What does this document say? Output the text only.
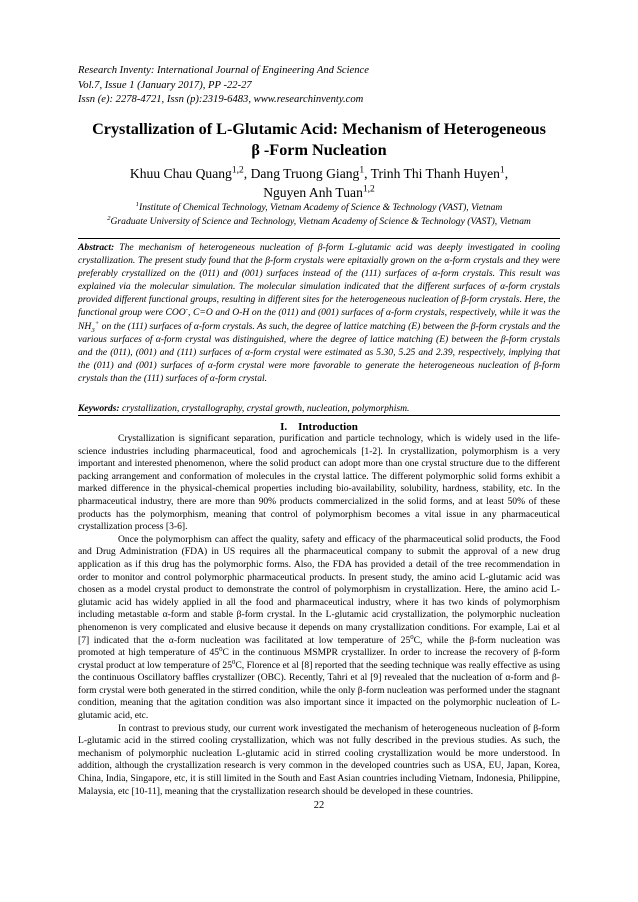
Research Inventy: International Journal of Engineering And Science
Vol.7, Issue 1 (January 2017), PP -22-27
Issn (e): 2278-4721, Issn (p):2319-6483, www.researchinventy.com
Crystallization of L-Glutamic Acid: Mechanism of Heterogeneous
β -Form Nucleation
Khuu Chau Quang$^{1,2}$, Dang Truong Giang$^1$, Trinh Thi Thanh Huyen$^1$,
Nguyen Anh Tuan$^{1,2}$
$^1$Institute of Chemical Technology, Vietnam Academy of Science & Technology (VAST), Vietnam
$^2$Graduate University of Science and Technology, Vietnam Academy of Science & Technology (VAST), Vietnam

Abstract: The mechanism of heterogeneous nucleation of β-form L-glutamic acid was deeply investigated in cooling crystallization. The present study found that the β-form crystals were epitaxially grown on the α-form crystals and they were preferably crystallized on the (011) and (001) surfaces instead of the (111) surfaces of α-form crystals. This result was explained via the molecular simulation. The molecular simulation indicated that the different surfaces of α-form crystals provided different functional groups, resulting in different sites for the heterogeneous nucleation of β-form crystals. Here, the functional group were COO-, C=O and O-H on the (011) and (001) surfaces of α-form crystals, respectively, while it was the $NH_3^+$ on the (111) surfaces of α-form crystals. As such, the degree of lattice matching (E) between the β-form crystals and the various surfaces of α-form crystal was distinguished, where the degree of lattice matching (E) between the β-form crystals and the (011), (001) and (111) surfaces of α-form crystal were estimated as 5.30, 5.25 and 2.39, respectively, implying that the (011) and (001) surfaces of α-form crystal were more favorable to generate the heterogeneous nucleation of β-form crystals than the (111) surfaces of α-form crystal.

Keywords: crystallization, crystallography, crystal growth, nucleation, polymorphism.
I. Introduction

Crystallization is significant separation, purification and particle technology, which is widely used in the life-science industries including pharmaceutical, food and agrochemicals [1-2]. In crystallization, polymorphism is a very important and interested phenomenon, where the solid product can adopt more than one crystal structure due to the different packing arrangement and conformation of molecules in the crystal lattice. The different polymorphic solid forms exhibit a marked difference in the physical-chemical properties including bio-availability, solubility, hardness, stability, etc. In the pharmaceutical industry, there are more than 90% products commercialized in the solid forms, and at least 50% of these products has the polymorphism, meaning that control of polymorphism becomes a vital issue in any pharmaceutical crystallization process [3-6].

Once the polymorphism can affect the quality, safety and efficacy of the pharmaceutical solid products, the Food and Drug Administration (FDA) in US requires all the pharmaceutical company to submit the approval of a new drug application as if this drug has the polymorphic forms. Also, the FDA has provided a detail of the tree recommendation in order to monitor and control polymorphic pharmaceutical products. In present study, the amino acid L-glutamic acid was chosen as a model crystal product to demonstrate the control of polymorphism in crystallization. Here, the amino acid L-glutamic acid has widely applied in all the food and pharmaceutical industry, where it has two kinds of polymorphism including metastable α-form and stable β-form crystal. In the L-glutamic acid crystallization, the polymorphic nucleation phenomenon is very complicated and elusive because it depends on many crystallization conditions. For example, Lai et al [7] indicated that the α-form nucleation was facilitated at low temperature of $25^0C$, while the β-form nucleation was promoted at high temperature of $45^0C$ in the continuous MSMPR crystallizer. In order to increase the recovery of β-form crystal product at low temperature of $25^0C$, Florence et al [8] reported that the seeding technique was really effective as using the continuous Oscillatory baffles crystallizer (OBC). Recently, Tahri et al [9] revealed that the nucleation of α-form and β-form crystal were both generated in the stirred condition, while the only β-form nucleation was performed under the stagnant condition, meaning that the agitation condition was also important since it impacted on the polymorphic nucleation of L-glutamic acid, etc.

In contrast to previous study, our current work investigated the mechanism of heterogeneous nucleation of β-form L-glutamic acid in the stirred cooling crystallization, which was not fully described in the previous studies. As such, the mechanism of polymorphic nucleation L-glutamic acid in stirred cooling crystallization would be more understood. In addition, although the crystallization research is very common in the developed countries such as USA, EU, Japan, Korea, China, India, Singapore, etc, it is still limited in the South and East Asian countries including Vietnam, Indonesia, Philippine, Malaysia, etc [10-11], meaning that the crystallization research should be developed in these countries.

22
